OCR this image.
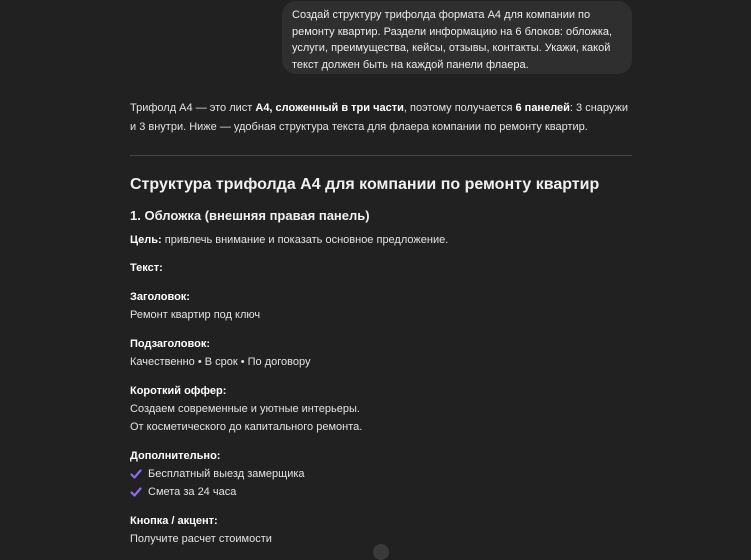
Создай структуру трифолда формата А4 для компании по ремонту квартир. Раздели информацию на 6 блоков: обложка, услуги, преимущества, кейсы, отзывы, контакты. Укажи, какой текст должен быть на каждой панели флаера.

Трифолд А4 — это лист А4, сложенный в три части, поэтому получается 6 панелей: 3 снаружи и 3 внутри. Ниже — удобная структура текста для флаера компании по ремонту квартир.

Структура трифолда А4 для компании по ремонту квартир
1. Обложка (внешняя правая панель)

Цель: привлечь внимание и показать основное предложение.

Текст:

Заголовок:

Ремонт квартир под ключ

Подзаголовок:

Качественно • В срок • По договору

Короткий оффер:

Создаем современные и уютные интерьеры.

От косметического до капитального ремонта.

Дополнительно:

Бесплатный выезд замерщика
Смета за 24 часа

Кнопка / акцент:

Получите расчет стоимости
